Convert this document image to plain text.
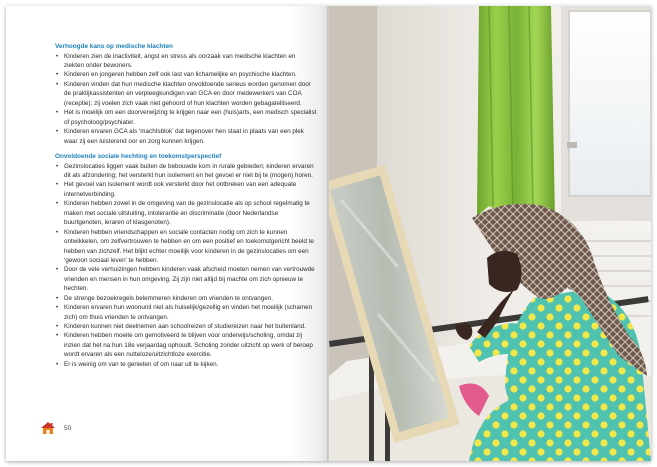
Verhoogde kans op medische klachten
• Kinderen zien de inactiviteit, angst en stress als oorzaak van medische klachten en ziekten onder bewoners.
• Kinderen en jongeren hebben zelf ook last van lichamelijke en psychische klachten.
• Kinderen vinden dat hun medische klachten onvoldoende serieus worden genomen door de praktijkassistenten en verpleegkundigen van GCA en door medewerkers van COA (receptie); zij voelen zich vaak niet gehoord of hun klachten worden gebagatelliseerd.
• Het is moeilijk om een doorverwijzing te krijgen naar een (huis)arts, een medisch specialist of psycholoog/psychiater.
• Kinderen ervaren GCA als ‘machtsblok’ dat tegenover hen staat in plaats van een plek waar zij een luisterend oor en zorg kunnen krijgen.
Onvoldoende sociale hechting en toekomstperspectief
• Gezinslocaties liggen vaak buiten de bebouwde kom in rurale gebieden; kinderen ervaren dit als afzondering; het versterkt hun isolement en het gevoel er niet bij te (mogen) horen.
• Het gevoel van isolement wordt ook versterkt door het ontbreken van een adequate internetverbinding.
• Kinderen hebben zowel in de omgeving van de gezinslocatie als op school regelmatig te maken met sociale uitsluiting, intolerantie en discriminatie (door Nederlandse buurtgenoten, leraren of klasgenoten).
• Kinderen hebben vriendschappen en sociale contacten nodig om zich te kunnen ontwikkelen, om zelfvertrouwen te hebben en om een positief en toekomstgericht beeld te hebben van zichzelf. Het blijkt echter moeilijk voor kinderen in de gezinslocaties om een ‘gewoon sociaal leven’ te hebben.
• Door de vele verhuizingen hebben kinderen vaak afscheid moeten nemen van vertrouwde vrienden en mensen in hun omgeving. Zij zijn niet altijd bij machte om zich opnieuw te hechten.
• De strenge bezoekregels belemmeren kinderen om vrienden te ontvangen.
• Kinderen ervaren hun woonunit niet als huiselijk/gezellig en vinden het moeilijk (schamen zich) om thuis vrienden te ontvangen.
• Kinderen kunnen niet deelnemen aan schoolreizen of studiereizen naar het buitenland.
• Kinderen hebben moeite om gemotiveerd te blijven voor onderwijs/scholing, omdat zij inzien dat het na hun 18e verjaardag ophoudt. Scholing zonder uitzicht op werk of beroep wordt ervaren als een nutteloze/uitzichtloze exercitie.
• Er is weinig om van te genieten of om naar uit te kijken.
50
